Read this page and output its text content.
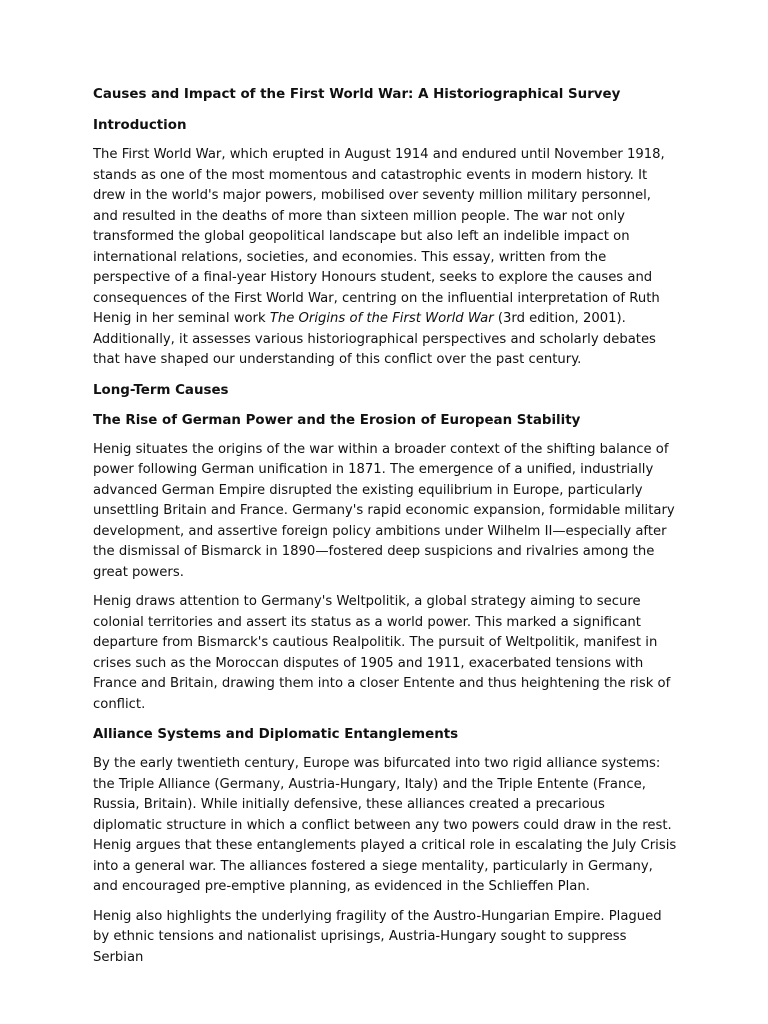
Causes and Impact of the First World War: A Historiographical Survey
Introduction

The First World War, which erupted in August 1914 and endured until November 1918, stands as one of the most momentous and catastrophic events in modern history. It drew in the world's major powers, mobilised over seventy million military personnel, and resulted in the deaths of more than sixteen million people. The war not only transformed the global geopolitical landscape but also left an indelible impact on international relations, societies, and economies. This essay, written from the perspective of a final-year History Honours student, seeks to explore the causes and consequences of the First World War, centring on the influential interpretation of Ruth Henig in her seminal work The Origins of the First World War (3rd edition, 2001). Additionally, it assesses various historiographical perspectives and scholarly debates that have shaped our understanding of this conflict over the past century.

Long-Term Causes
The Rise of German Power and the Erosion of European Stability

Henig situates the origins of the war within a broader context of the shifting balance of power following German unification in 1871. The emergence of a unified, industrially advanced German Empire disrupted the existing equilibrium in Europe, particularly unsettling Britain and France. Germany's rapid economic expansion, formidable military development, and assertive foreign policy ambitions under Wilhelm II—especially after the dismissal of Bismarck in 1890—fostered deep suspicions and rivalries among the great powers.

Henig draws attention to Germany's Weltpolitik, a global strategy aiming to secure colonial territories and assert its status as a world power. This marked a significant departure from Bismarck's cautious Realpolitik. The pursuit of Weltpolitik, manifest in crises such as the Moroccan disputes of 1905 and 1911, exacerbated tensions with France and Britain, drawing them into a closer Entente and thus heightening the risk of conflict.

Alliance Systems and Diplomatic Entanglements

By the early twentieth century, Europe was bifurcated into two rigid alliance systems: the Triple Alliance (Germany, Austria-Hungary, Italy) and the Triple Entente (France, Russia, Britain). While initially defensive, these alliances created a precarious diplomatic structure in which a conflict between any two powers could draw in the rest. Henig argues that these entanglements played a critical role in escalating the July Crisis into a general war. The alliances fostered a siege mentality, particularly in Germany, and encouraged pre-emptive planning, as evidenced in the Schlieffen Plan.

Henig also highlights the underlying fragility of the Austro-Hungarian Empire. Plagued by ethnic tensions and nationalist uprisings, Austria-Hungary sought to suppress Serbian
